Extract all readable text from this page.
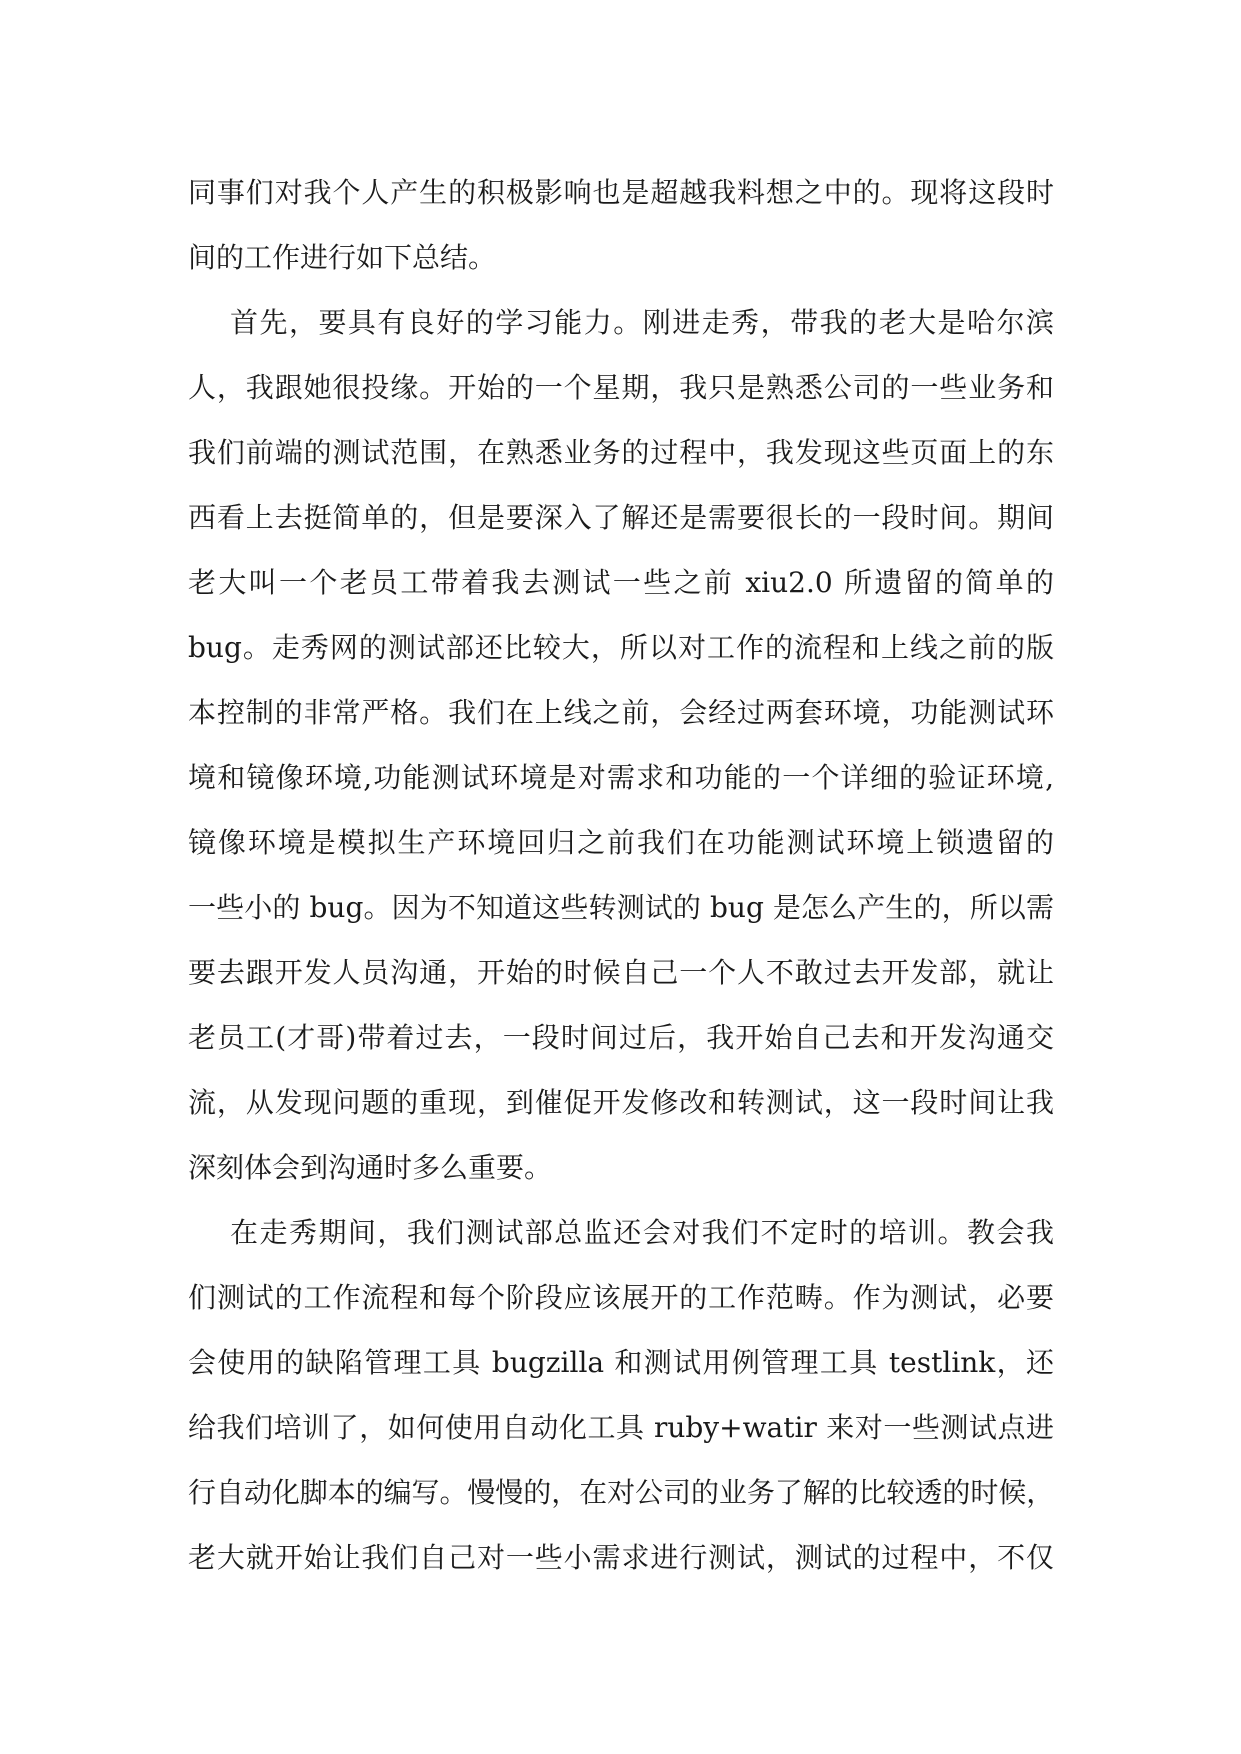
同事们对我个人产生的积极影响也是超越我料想之中的。现将这段时
间的工作进行如下总结。
首先，要具有良好的学习能力。刚进走秀，带我的老大是哈尔滨
人，我跟她很投缘。开始的一个星期，我只是熟悉公司的一些业务和
我们前端的测试范围，在熟悉业务的过程中，我发现这些页面上的东
西看上去挺简单的，但是要深入了解还是需要很长的一段时间。期间
老大叫一个老员工带着我去测试一些之前 xiu2.0 所遗留的简单的
bug。走秀网的测试部还比较大，所以对工作的流程和上线之前的版
本控制的非常严格。我们在上线之前，会经过两套环境，功能测试环
境和镜像环境,功能测试环境是对需求和功能的一个详细的验证环境,
镜像环境是模拟生产环境回归之前我们在功能测试环境上锁遗留的
一些小的 bug。因为不知道这些转测试的 bug 是怎么产生的，所以需
要去跟开发人员沟通，开始的时候自己一个人不敢过去开发部，就让
老员工(才哥)带着过去，一段时间过后，我开始自己去和开发沟通交
流，从发现问题的重现，到催促开发修改和转测试，这一段时间让我
深刻体会到沟通时多么重要。
在走秀期间，我们测试部总监还会对我们不定时的培训。教会我
们测试的工作流程和每个阶段应该展开的工作范畴。作为测试，必要
会使用的缺陷管理工具 bugzilla 和测试用例管理工具 testlink，还
给我们培训了，如何使用自动化工具 ruby+watir 来对一些测试点进
行自动化脚本的编写。慢慢的，在对公司的业务了解的比较透的时候，
老大就开始让我们自己对一些小需求进行测试，测试的过程中，不仅
